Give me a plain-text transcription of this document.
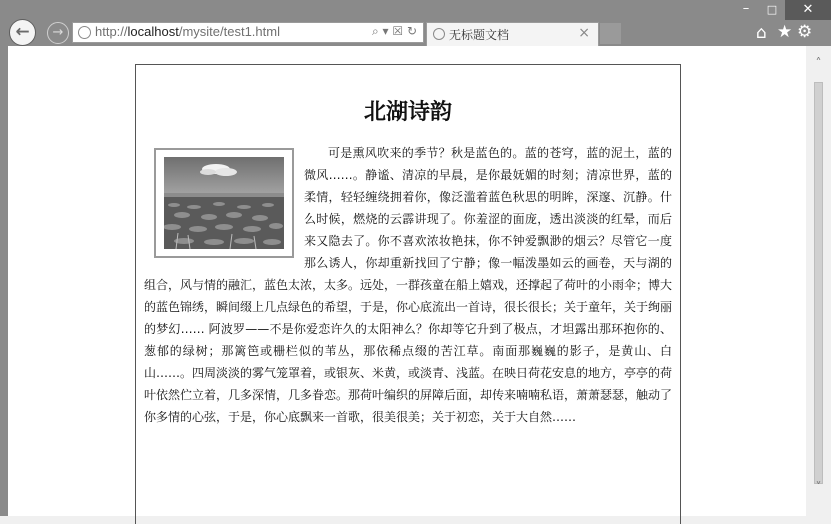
←	→	http://localhost/mysite/test1.html	⌕ ▾ ☒ ↻	无标题文档	×
–	□	✕
⌂ ★ ⚙
北湖诗韵

可是熏风吹来的季节？秋是蓝色的。蓝的苍穹，蓝的泥土，蓝的微风……。静谧、清凉的早晨，是你最妩媚的时刻；清凉世界，蓝的柔情，轻轻缠绕拥着你，像泛滥着蓝色秋思的明眸，深邃、沉静。什么时候，燃烧的云霹讲现了。你羞涩的面庞，透出淡淡的红晕，而后来又隐去了。你不喜欢浓妆艳抹，你不钟爱飘渺的烟云？尽管它一度那么诱人，你却重新找回了宁静；像一幅泼墨如云的画卷，天与湖的组合，风与情的融汇，蓝色太浓，太多。远处，一群孩童在船上嬉戏，还撑起了荷叶的小雨伞；博大的蓝色锦绣，瞬间缀上几点绿色的希望，于是，你心底流出一首诗，很长很长；关于童年，关于绚丽的梦幻…… 阿波罗——不是你爱恋许久的太阳神么？你却等它升到了极点，才坦露出那环抱你的、葱郁的绿树；那篱笆或栅栏似的苇丛，那依稀点缀的苦江草。南面那巍巍的影子，是黄山、白山……。四周淡淡的雾气笼罩着，或银灰、米黄，或淡青、浅蓝。在映日荷花安息的地方，亭亭的荷叶依然伫立着，几多深情，几多眷恋。那荷叶编织的屏障后面，却传来喃喃私语，萧萧瑟瑟，触动了你多情的心弦，于是，你心底飘来一首歌，很美很美；关于初恋，关于大自然……

˄
˅
